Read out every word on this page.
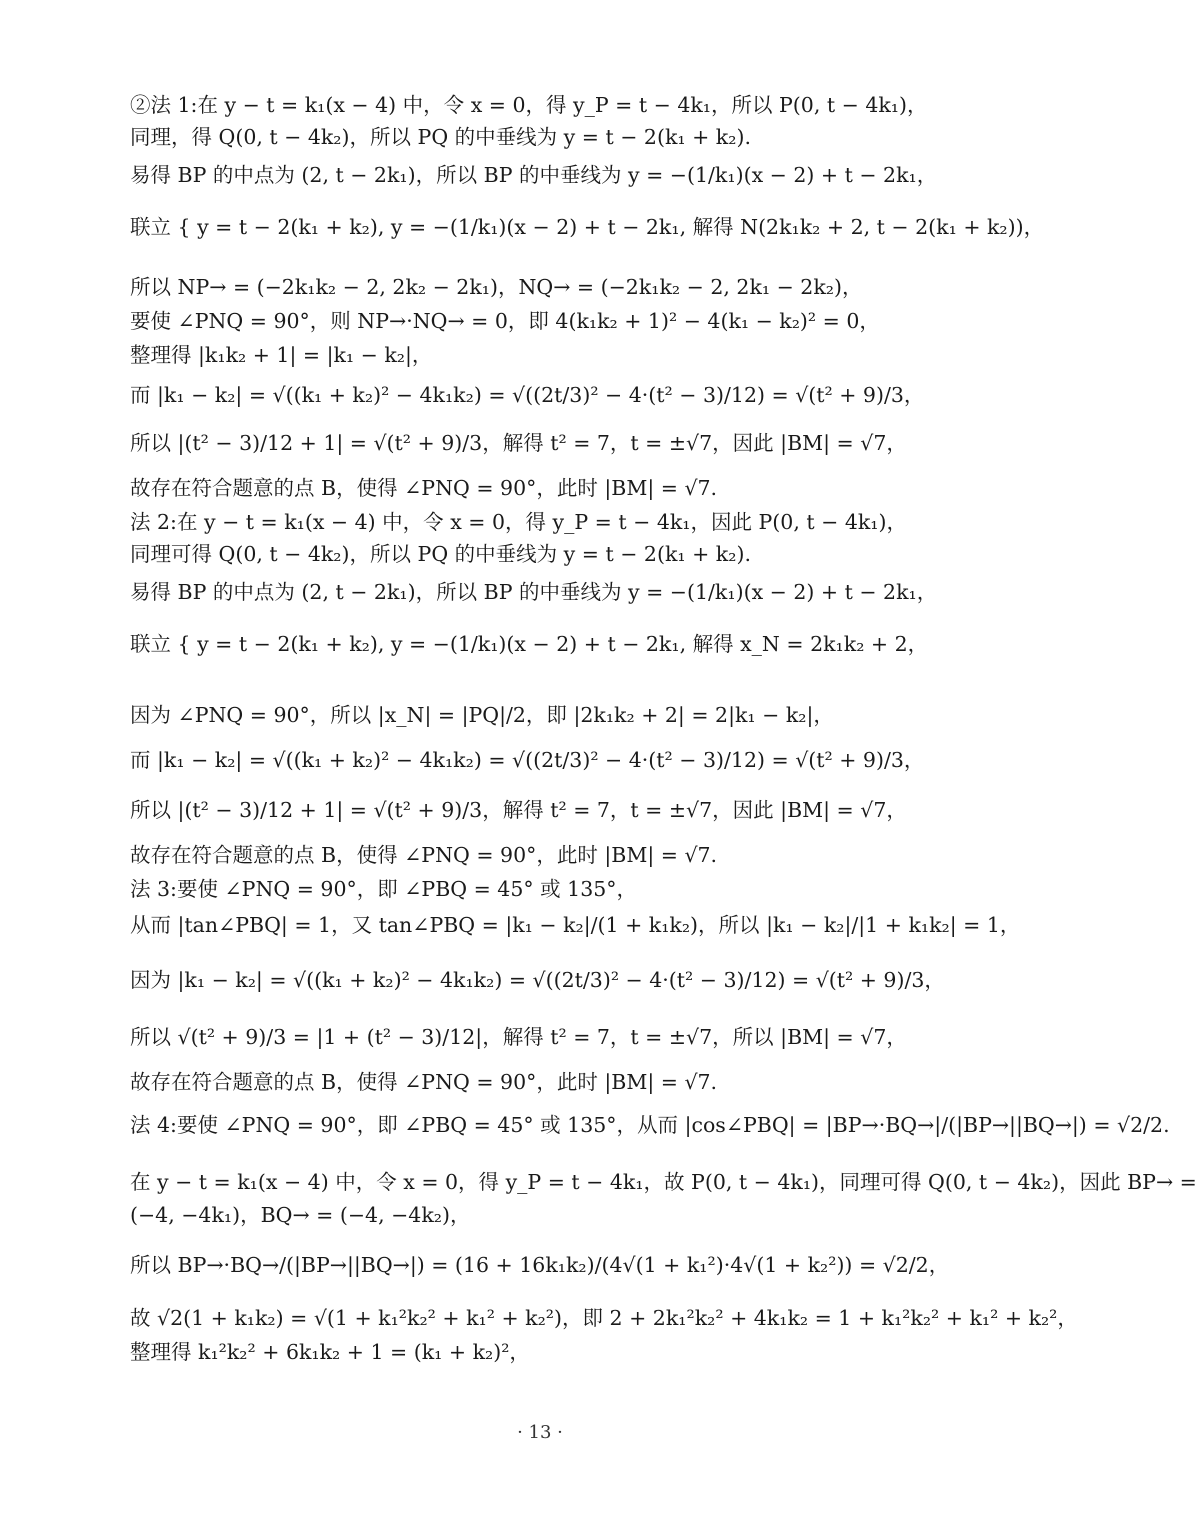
②法 1:在 y − t = k₁(x − 4) 中，令 x = 0，得 y_P = t − 4k₁，所以 P(0, t − 4k₁)，
同理，得 Q(0, t − 4k₂)，所以 PQ 的中垂线为 y = t − 2(k₁ + k₂).
易得 BP 的中点为 (2, t − 2k₁)，所以 BP 的中垂线为 y = −(1/k₁)(x − 2) + t − 2k₁，
联立 { y = t − 2(k₁ + k₂), y = −(1/k₁)(x − 2) + t − 2k₁, 解得 N(2k₁k₂ + 2, t − 2(k₁ + k₂))，
所以 NP→ = (−2k₁k₂ − 2, 2k₂ − 2k₁)，NQ→ = (−2k₁k₂ − 2, 2k₁ − 2k₂)，
要使 ∠PNQ = 90°，则 NP→·NQ→ = 0，即 4(k₁k₂ + 1)² − 4(k₁ − k₂)² = 0，
整理得 |k₁k₂ + 1| = |k₁ − k₂|，
而 |k₁ − k₂| = √((k₁ + k₂)² − 4k₁k₂) = √((2t/3)² − 4·(t² − 3)/12) = √(t² + 9)/3，
所以 |(t² − 3)/12 + 1| = √(t² + 9)/3，解得 t² = 7，t = ±√7，因此 |BM| = √7，
故存在符合题意的点 B，使得 ∠PNQ = 90°，此时 |BM| = √7.
法 2:在 y − t = k₁(x − 4) 中，令 x = 0，得 y_P = t − 4k₁，因此 P(0, t − 4k₁)，
同理可得 Q(0, t − 4k₂)，所以 PQ 的中垂线为 y = t − 2(k₁ + k₂).
易得 BP 的中点为 (2, t − 2k₁)，所以 BP 的中垂线为 y = −(1/k₁)(x − 2) + t − 2k₁，
联立 { y = t − 2(k₁ + k₂), y = −(1/k₁)(x − 2) + t − 2k₁, 解得 x_N = 2k₁k₂ + 2，
因为 ∠PNQ = 90°，所以 |x_N| = |PQ|/2，即 |2k₁k₂ + 2| = 2|k₁ − k₂|，
而 |k₁ − k₂| = √((k₁ + k₂)² − 4k₁k₂) = √((2t/3)² − 4·(t² − 3)/12) = √(t² + 9)/3，
所以 |(t² − 3)/12 + 1| = √(t² + 9)/3，解得 t² = 7，t = ±√7，因此 |BM| = √7，
故存在符合题意的点 B，使得 ∠PNQ = 90°，此时 |BM| = √7.
法 3:要使 ∠PNQ = 90°，即 ∠PBQ = 45° 或 135°，
从而 |tan∠PBQ| = 1，又 tan∠PBQ = |k₁ − k₂|/(1 + k₁k₂)，所以 |k₁ − k₂|/|1 + k₁k₂| = 1，
因为 |k₁ − k₂| = √((k₁ + k₂)² − 4k₁k₂) = √((2t/3)² − 4·(t² − 3)/12) = √(t² + 9)/3，
所以 √(t² + 9)/3 = |1 + (t² − 3)/12|，解得 t² = 7，t = ±√7，所以 |BM| = √7，
故存在符合题意的点 B，使得 ∠PNQ = 90°，此时 |BM| = √7.
法 4:要使 ∠PNQ = 90°，即 ∠PBQ = 45° 或 135°，从而 |cos∠PBQ| = |BP→·BQ→|/(|BP→||BQ→|) = √2/2.
在 y − t = k₁(x − 4) 中，令 x = 0，得 y_P = t − 4k₁，故 P(0, t − 4k₁)，同理可得 Q(0, t − 4k₂)，因此 BP→ =
(−4, −4k₁)，BQ→ = (−4, −4k₂)，
所以 BP→·BQ→/(|BP→||BQ→|) = (16 + 16k₁k₂)/(4√(1 + k₁²)·4√(1 + k₂²)) = √2/2，
故 √2(1 + k₁k₂) = √(1 + k₁²k₂² + k₁² + k₂²)，即 2 + 2k₁²k₂² + 4k₁k₂ = 1 + k₁²k₂² + k₁² + k₂²，
整理得 k₁²k₂² + 6k₁k₂ + 1 = (k₁ + k₂)²，
· 13 ·
